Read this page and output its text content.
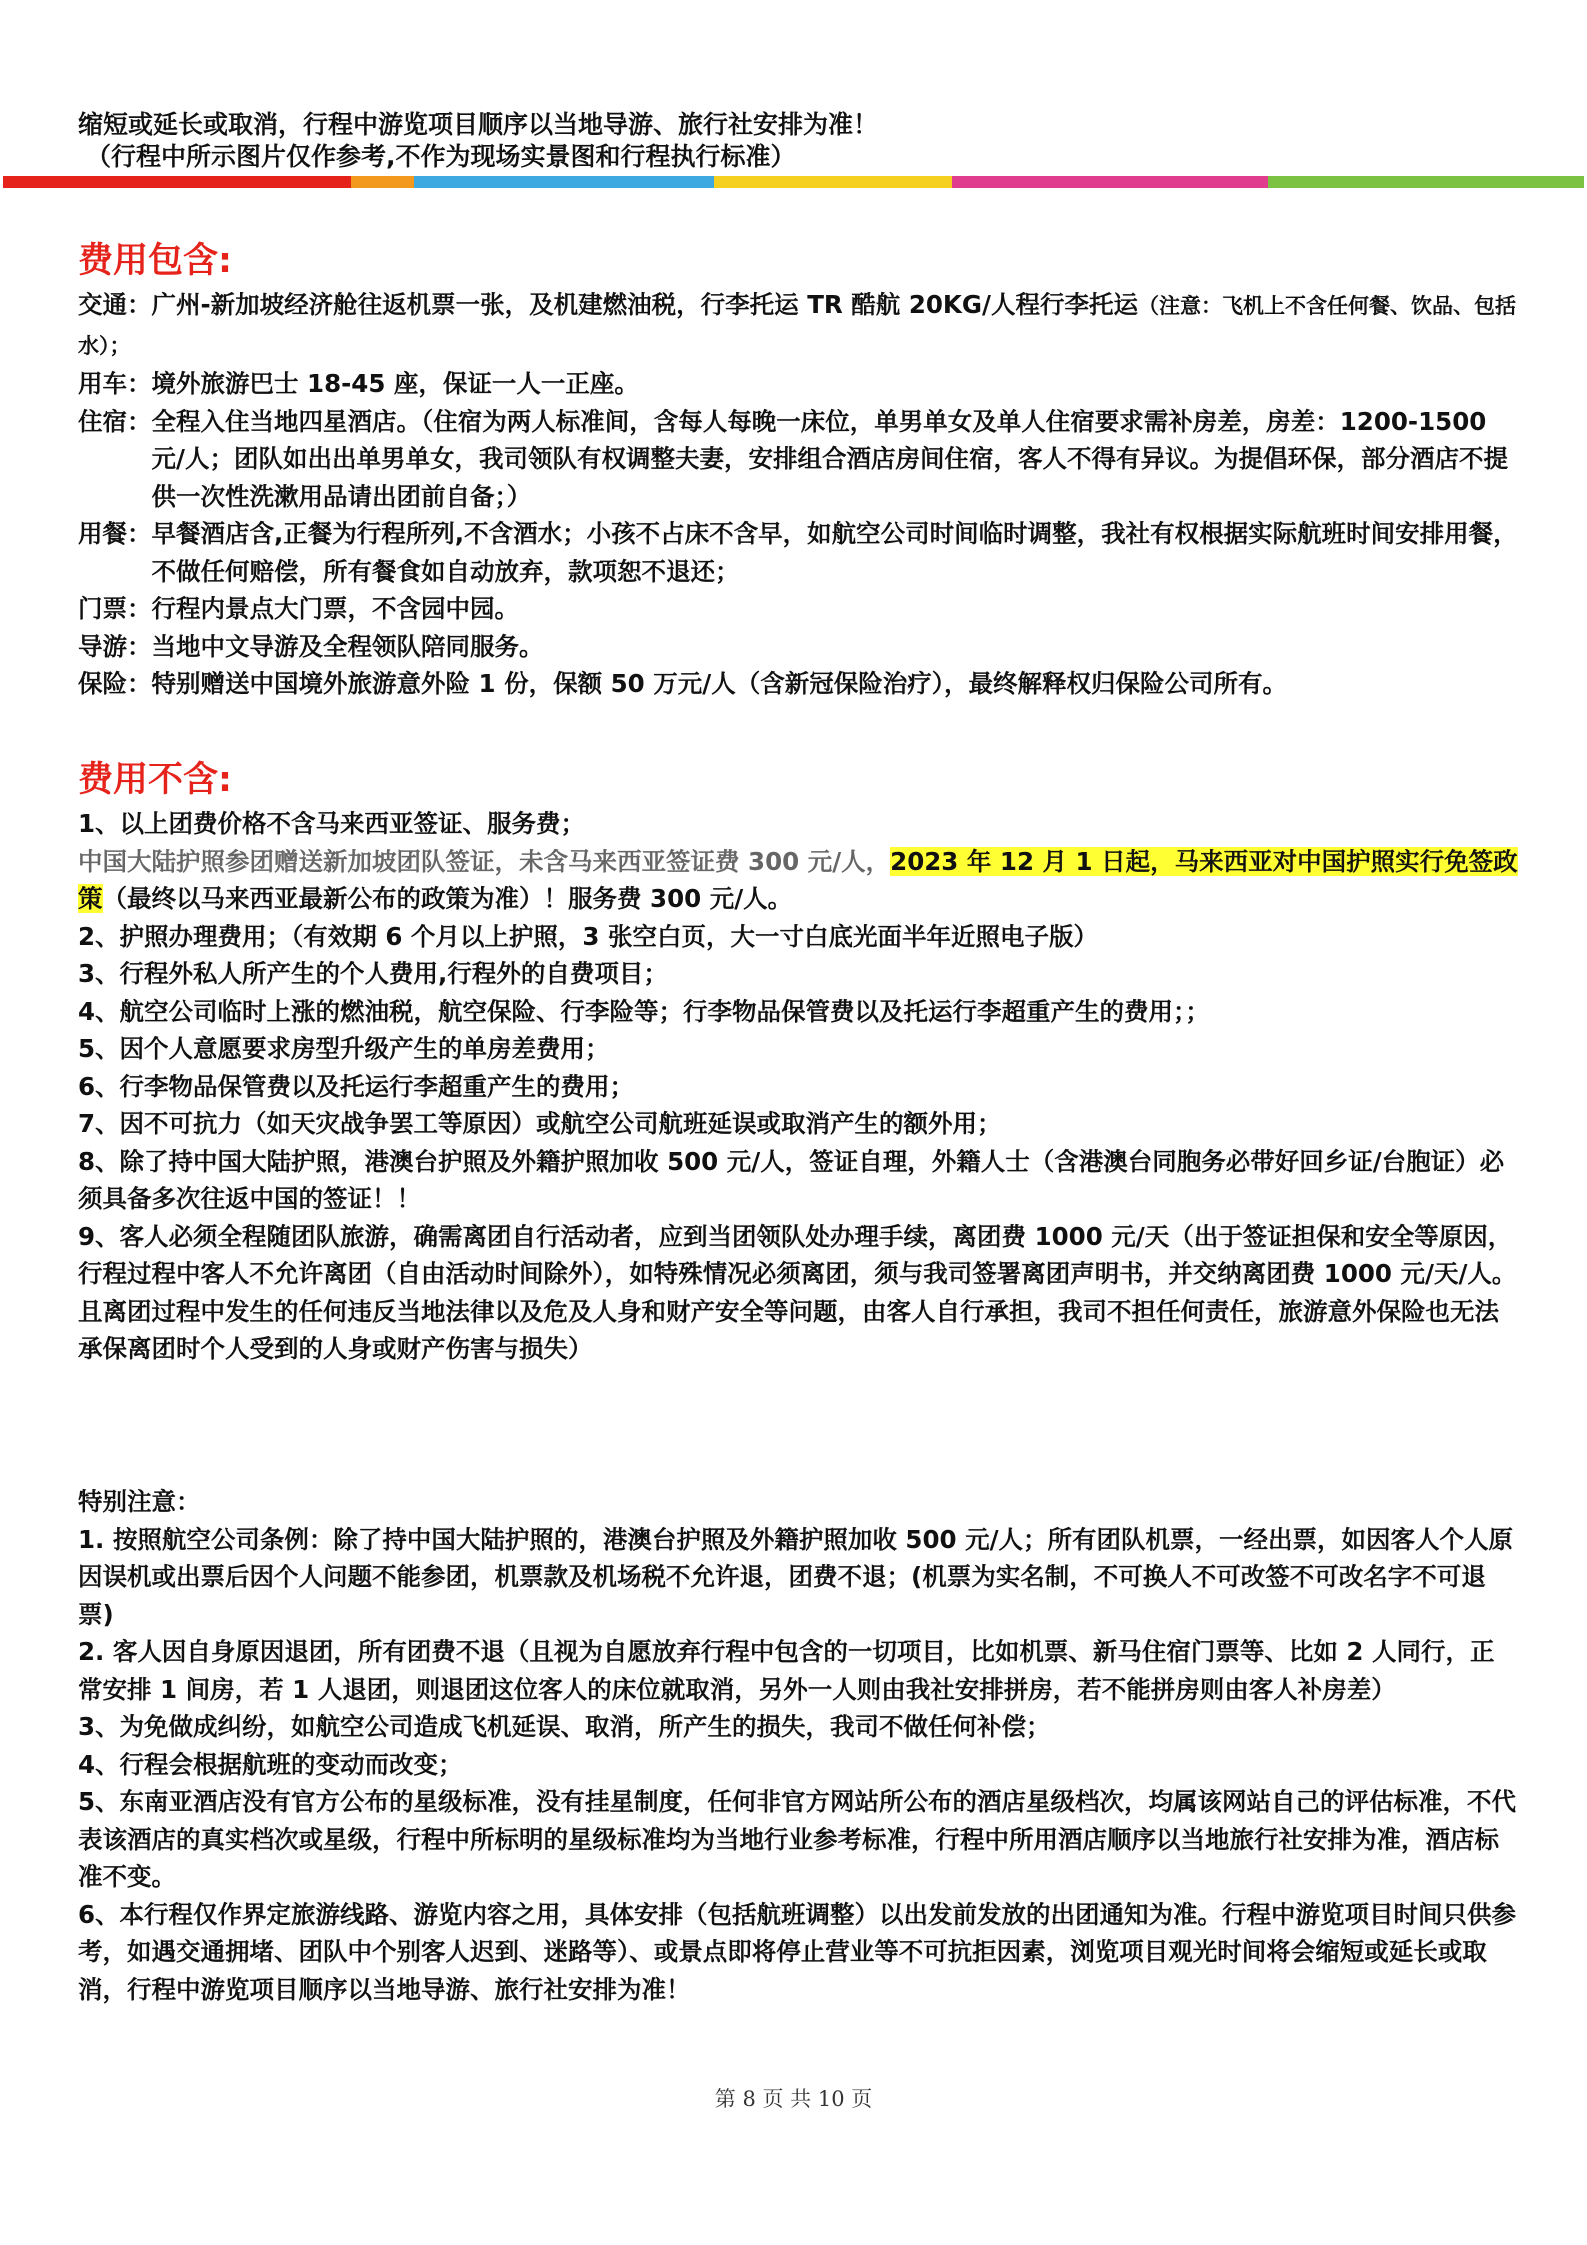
缩短或延长或取消，行程中游览项目顺序以当地导游、旅行社安排为准！
（行程中所示图片仅作参考,不作为现场实景图和行程执行标准）
费用包含:
交通：广州-新加坡经济舱往返机票一张，及机建燃油税，行李托运 TR 酷航 20KG/人程行李托运（注意：飞机上不含任何餐、饮品、包括水）；
用车： 境外旅游巴士 18-45 座，保证一人一正座。
住宿： 全程入住当地四星酒店。（住宿为两人标准间，含每人每晚一床位，单男单女及单人住宿要求需补房差，房差：1200-1500 元/人；团队如出出单男单女，我司领队有权调整夫妻，安排组合酒店房间住宿，客人不得有异议。为提倡环保，部分酒店不提供一次性洗漱用品请出团前自备；）
用餐： 早餐酒店含,正餐为行程所列,不含酒水；小孩不占床不含早，如航空公司时间临时调整，我社有权根据实际航班时间安排用餐，不做任何赔偿，所有餐食如自动放弃，款项恕不退还；
门票： 行程内景点大门票，不含园中园。
导游： 当地中文导游及全程领队陪同服务。
保险： 特别赠送中国境外旅游意外险 1 份，保额 50 万元/人（含新冠保险治疗），最终解释权归保险公司所有。
费用不含:
1、以上团费价格不含马来西亚签证、服务费；
中国大陆护照参团赠送新加坡团队签证，未含马来西亚签证费 300 元/人，2023 年 12 月 1 日起，马来西亚对中国护照实行免签政策（最终以马来西亚最新公布的政策为准）！服务费 300 元/人。
2、护照办理费用；（有效期 6 个月以上护照，3 张空白页，大一寸白底光面半年近照电子版）
3、行程外私人所产生的个人费用,行程外的自费项目；
4、航空公司临时上涨的燃油税，航空保险、行李险等；行李物品保管费以及托运行李超重产生的费用；；
5、因个人意愿要求房型升级产生的单房差费用；
6、行李物品保管费以及托运行李超重产生的费用；
7、因不可抗力（如天灾战争罢工等原因）或航空公司航班延误或取消产生的额外用；
8、除了持中国大陆护照，港澳台护照及外籍护照加收 500 元/人，签证自理，外籍人士（含港澳台同胞务必带好回乡证/台胞证）必须具备多次往返中国的签证！！
9、客人必须全程随团队旅游，确需离团自行活动者，应到当团领队处办理手续，离团费 1000 元/天（出于签证担保和安全等原因，行程过程中客人不允许离团（自由活动时间除外），如特殊情况必须离团，须与我司签署离团声明书，并交纳离团费 1000 元/天/人。且离团过程中发生的任何违反当地法律以及危及人身和财产安全等问题，由客人自行承担，我司不担任何责任，旅游意外保险也无法承保离团时个人受到的人身或财产伤害与损失）
特别注意：
1. 按照航空公司条例：除了持中国大陆护照的，港澳台护照及外籍护照加收 500 元/人；所有团队机票，一经出票，如因客人个人原因误机或出票后因个人问题不能参团，机票款及机场税不允许退，团费不退；(机票为实名制，不可换人不可改签不可改名字不可退票)
2. 客人因自身原因退团，所有团费不退（且视为自愿放弃行程中包含的一切项目，比如机票、新马住宿门票等、比如 2 人同行，正常安排 1 间房，若 1 人退团，则退团这位客人的床位就取消，另外一人则由我社安排拼房，若不能拼房则由客人补房差）
3、为免做成纠纷，如航空公司造成飞机延误、取消，所产生的损失，我司不做任何补偿；
4、行程会根据航班的变动而改变；
5、东南亚酒店没有官方公布的星级标准，没有挂星制度，任何非官方网站所公布的酒店星级档次，均属该网站自己的评估标准，不代表该酒店的真实档次或星级，行程中所标明的星级标准均为当地行业参考标准，行程中所用酒店顺序以当地旅行社安排为准，酒店标准不变。
6、本行程仅作界定旅游线路、游览内容之用，具体安排（包括航班调整）以出发前发放的出团通知为准。行程中游览项目时间只供参考，如遇交通拥堵、团队中个别客人迟到、迷路等）、或景点即将停止营业等不可抗拒因素，浏览项目观光时间将会缩短或延长或取消，行程中游览项目顺序以当地导游、旅行社安排为准！
第 8 页 共 10 页
